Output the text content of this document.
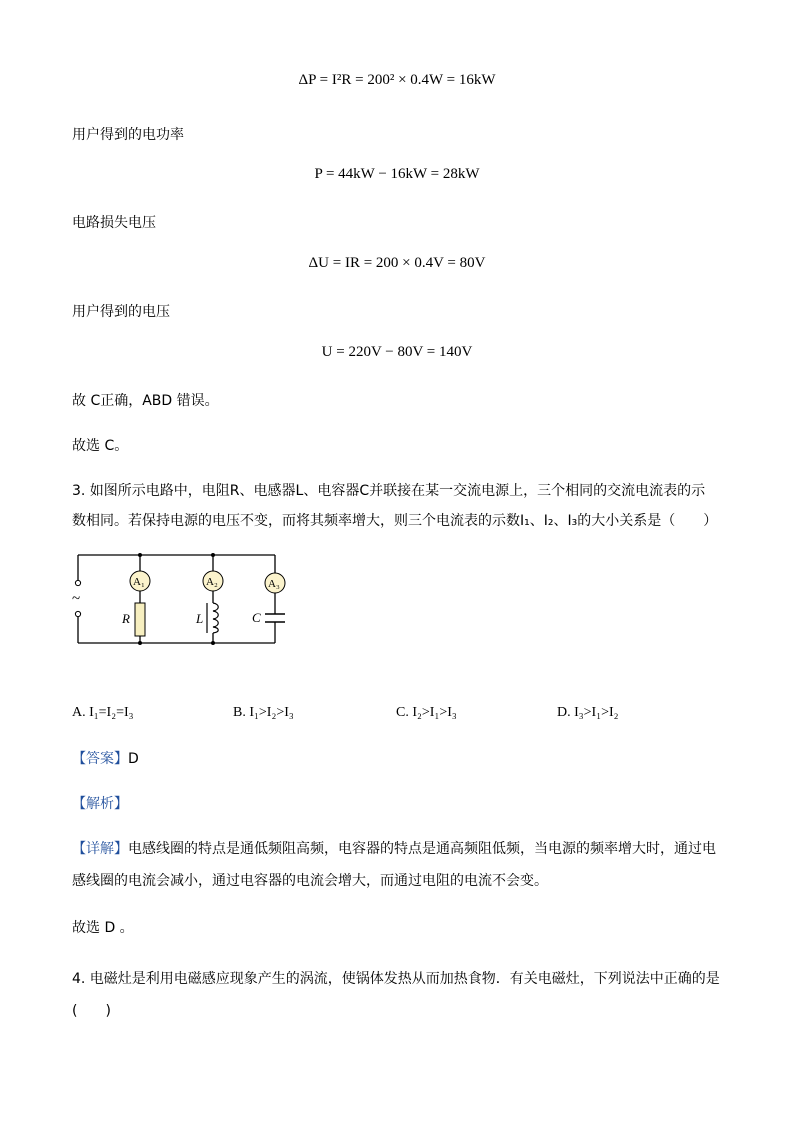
ΔP = I²R = 200² × 0.4W = 16kW
用户得到的电功率
P = 44kW − 16kW = 28kW
电路损失电压
ΔU = IR = 200 × 0.4V = 80V
用户得到的电压
U = 220V − 80V = 140V
故 C正确，ABD 错误。
故选 C。
3. 如图所示电路中，电阻R、电感器L、电容器C并联接在某一交流电源上，三个相同的交流电流表的示
数相同。若保持电源的电压不变，而将其频率增大，则三个电流表的示数I₁、I₂、I₃的大小关系是（　　）
~
A₁	A₂	A₃
R	L	C
A. I₁=I₂=I₃	B. I₁>I₂>I₃	C. I₂>I₁>I₃	D. I₃>I₁>I₂
【答案】D
【解析】
【详解】电感线圈的特点是通低频阻高频，电容器的特点是通高频阻低频，当电源的频率增大时，通过电
感线圈的电流会减小，通过电容器的电流会增大，而通过电阻的电流不会变。
故选 D 。
4. 电磁灶是利用电磁感应现象产生的涡流，使锅体发热从而加热食物．有关电磁灶，下列说法中正确的是
(　　)
